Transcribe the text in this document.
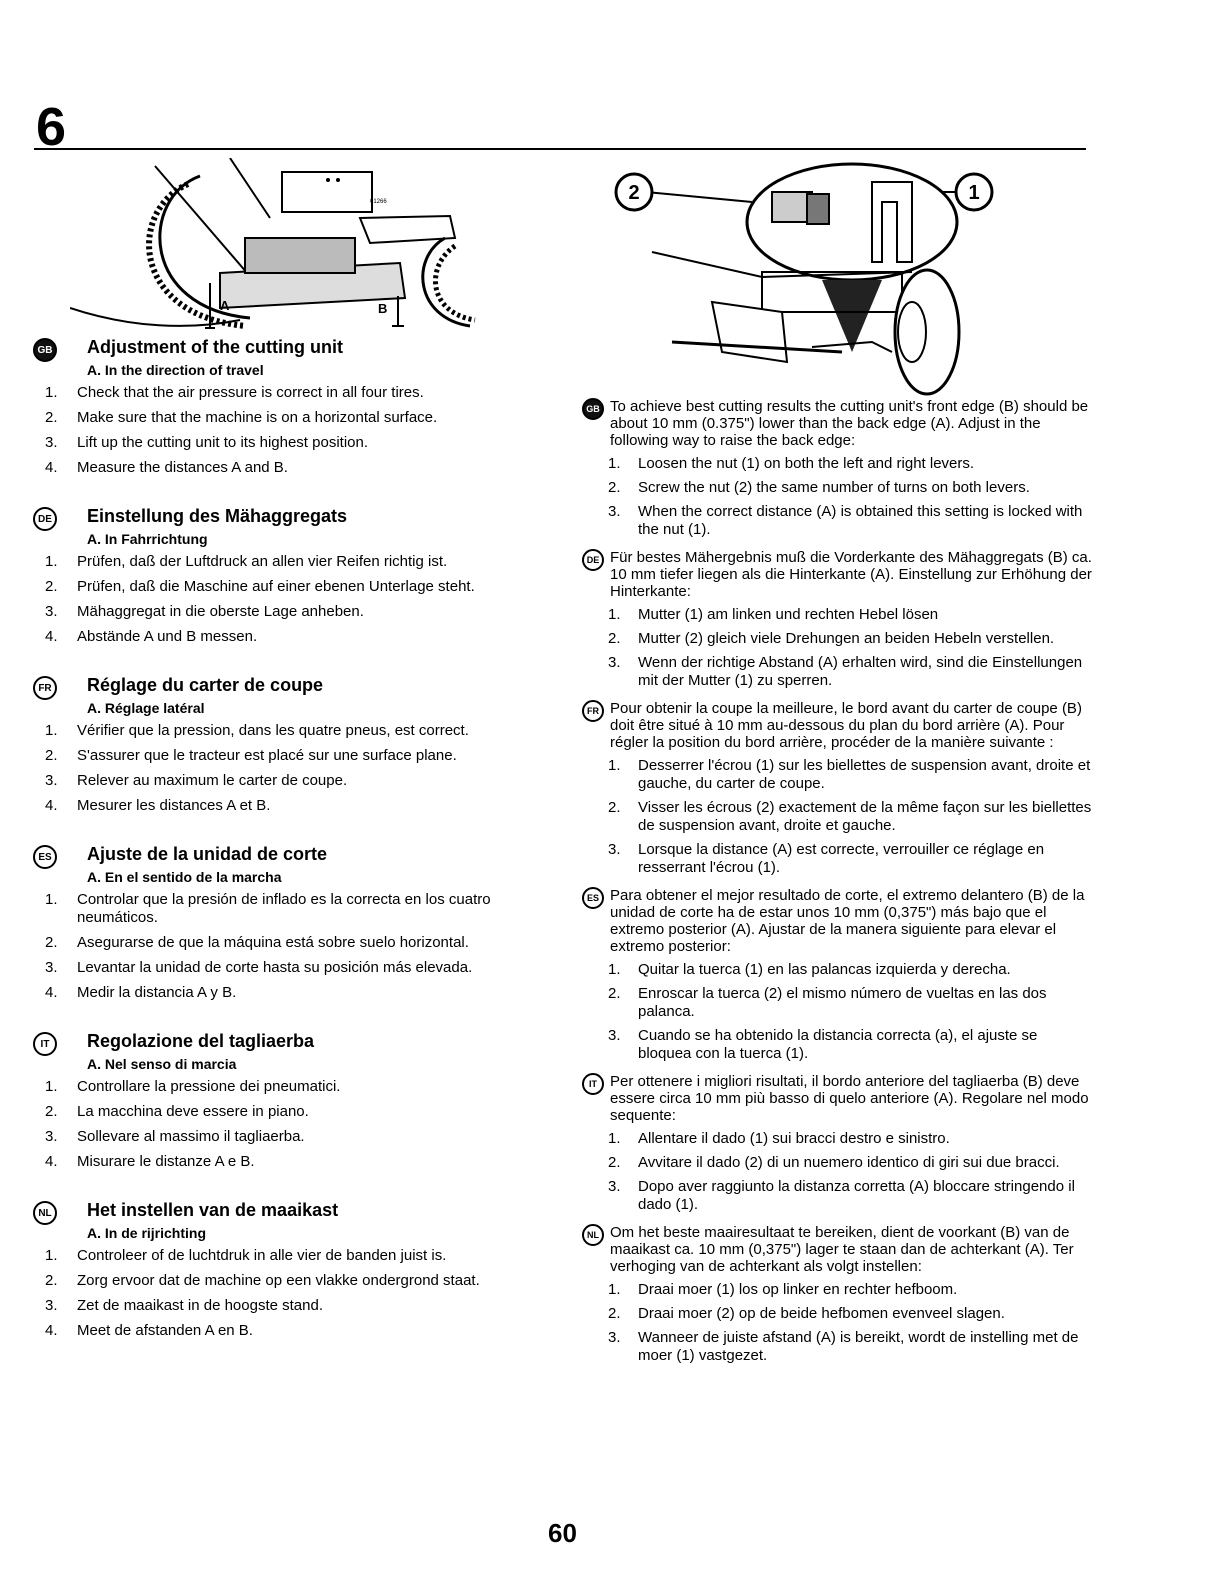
6
A	B
01266	2	1
GB Adjustment of the cutting unit
A. In the direction of travel
1. Check that the air pressure is correct in all four tires.
2. Make sure that the machine is on a horizontal surface.
3. Lift up the cutting unit to its highest position.
4. Measure the distances A and B.
DE Einstellung des Mähaggregats
A. In Fahrrichtung
1. Prüfen, daß der Luftdruck an allen vier Reifen richtig ist.
2. Prüfen, daß die Maschine auf einer ebenen Unterlage steht.
3. Mähaggregat in die oberste Lage anheben.
4. Abstände A und B messen.
FR Réglage du carter de coupe
A. Réglage latéral
1. Vérifier que la pression, dans les quatre pneus, est correct.
2. S'assurer que le tracteur est placé sur une surface plane.
3. Relever au maximum le carter de coupe.
4. Mesurer les distances A et B.
ES Ajuste de la unidad de corte
A. En el sentido de la marcha
1. Controlar que la presión de inflado es la correcta en los cuatro neumáticos.
2. Asegurarse de que la máquina está sobre suelo horizontal.
3. Levantar la unidad de corte hasta su posición más elevada.
4. Medir la distancia A y B.
IT	Regolazione del tagliaerba
A. Nel senso di marcia
1. Controllare la pressione dei pneumatici.
2. La macchina deve essere in piano.
3. Sollevare al massimo il tagliaerba.
4. Misurare le distanze A e B.
NL Het instellen van de maaikast
A. In de rijrichting
1. Controleer of de luchtdruk in alle vier de banden juist is.
2. Zorg ervoor dat de machine op een vlakke ondergrond staat.
3. Zet de maaikast in de hoogste stand.
4. Meet de afstanden A en B.
GB To achieve best cutting results the cutting unit's front edge (B) should be about 10 mm (0.375") lower than the back edge (A). Adjust in the following way to raise the back edge:

1. Loosen the nut (1) on both the left and right levers.
2. Screw the nut (2) the same number of turns on both levers.
3. When the correct distance (A) is obtained this setting is locked with the nut (1).
DE Für bestes Mähergebnis muß die Vorderkante des Mähaggregats (B) ca. 10 mm tiefer liegen als die Hinterkante (A). Einstellung zur Erhöhung der Hinterkante:

1. Mutter (1) am linken und rechten Hebel lösen
2. Mutter (2) gleich viele Drehungen an beiden Hebeln verstellen.
3. Wenn der richtige Abstand (A) erhalten wird, sind die Einstellungen mit der Mutter (1) zu sperren.
FR Pour obtenir la coupe la meilleure, le bord avant du carter de coupe (B) doit être situé à 10 mm au-dessous du plan du bord arrière (A). Pour régler la position du bord arrière, procéder de la manière suivante :

1. Desserrer l'écrou (1) sur les biellettes de suspension avant, droite et gauche, du carter de coupe.
2. Visser les écrous (2) exactement de la même façon sur les biellettes de suspension avant, droite et gauche.
3. Lorsque la distance (A) est correcte, verrouiller ce réglage en resserrant l'écrou (1).
ES Para obtener el mejor resultado de corte, el extremo delantero (B) de la unidad de corte ha de estar unos 10 mm (0,375") más bajo que el extremo posterior (A). Ajustar de la manera siguiente para elevar el extremo posterior:

1. Quitar la tuerca (1) en las palancas izquierda y derecha.
2. Enroscar la tuerca (2) el mismo número de vueltas en las dos palanca.
3. Cuando se ha obtenido la distancia correcta (a), el ajuste se bloquea con la tuerca (1).
IT Per ottenere i migliori risultati, il bordo anteriore del tagliaerba (B) deve essere circa 10 mm più basso di quelo anteriore (A). Regolare nel modo sequente:

1. Allentare il dado (1) sui bracci destro e sinistro.
2. Avvitare il dado (2) di un nuemero identico di giri sui due bracci.
3. Dopo aver raggiunto la distanza corretta (A) bloccare stringendo il dado (1).
NL Om het beste maairesultaat te bereiken, dient de voorkant (B) van de maaikast ca. 10 mm (0,375") lager te staan dan de achterkant (A). Ter verhoging van de achterkant als volgt instellen:

1. Draai moer (1) los op linker en rechter hefboom.
2. Draai moer (2) op de beide hefbomen evenveel slagen.
3. Wanneer de juiste afstand (A) is bereikt, wordt de instelling met de moer (1) vastgezet.
60
